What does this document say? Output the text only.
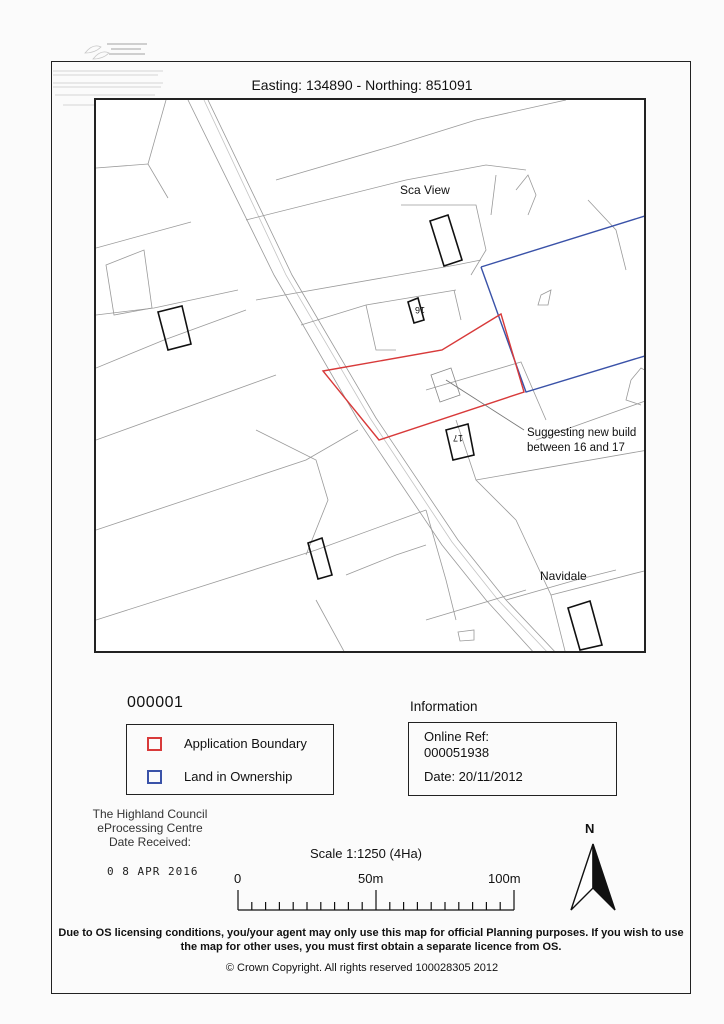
Easting: 134890 - Northing: 851091
Sca View
Navidale
16
17	Suggesting new build between 16 and 17
000001
Application Boundary
Land in Ownership
Information
Online Ref:
000051938
Date: 20/11/2012
The Highland Council
eProcessing Centre
Date Received:
0 8 APR 2016
Scale 1:1250 (4Ha)
0	50m	100m
N
Due to OS licensing conditions, you/your agent may only use this map for official Planning purposes. If you wish to use the map for other uses, you must first obtain a separate licence from OS.
© Crown Copyright. All rights reserved 100028305 2012
